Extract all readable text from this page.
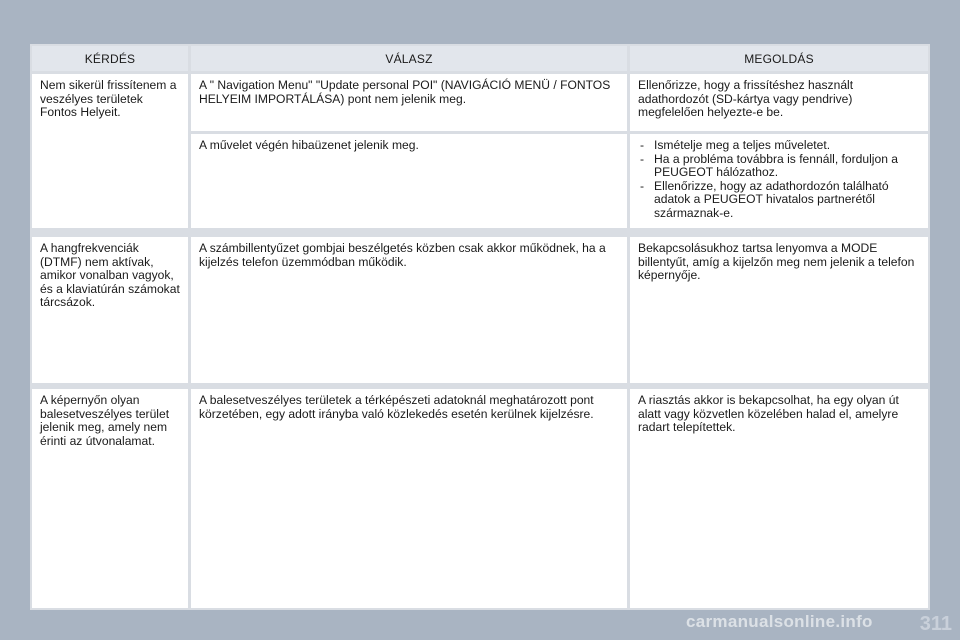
KÉRDÉS	VÁLASZ	MEGOLDÁS
Nem sikerül frissítenem a veszélyes területek Fontos Helyeit.
A " Navigation Menu" "Update personal POI" (NAVIGÁCIÓ MENÜ / FONTOS HELYEIM IMPORTÁLÁSA) pont nem jelenik meg.
Ellenőrizze, hogy a frissítéshez használt adathordozót (SD-kártya vagy pendrive) megfelelően helyezte-e be.
A művelet végén hibaüzenet jelenik meg.
-	Ismételje meg a teljes műveletet.
- Ha a probléma továbbra is fennáll, forduljon a PEUGEOT hálózathoz.
- Ellenőrizze, hogy az adathordozón található adatok a PEUGEOT hivatalos partnerétől származnak-e.
A hangfrekvenciák (DTMF) nem aktívak, amikor vonalban vagyok, és a klaviatúrán számokat tárcsázok.
A számbillentyűzet gombjai beszélgetés közben csak akkor működnek, ha a kijelzés telefon üzemmódban működik.
Bekapcsolásukhoz tartsa lenyomva a MODE billentyűt, amíg a kijelzőn meg nem jelenik a telefon képernyője.
A képernyőn olyan balesetveszélyes terület jelenik meg, amely nem érinti az útvonalamat.
A balesetveszélyes területek a térképészeti adatoknál meghatározott pont körzetében, egy adott irányba való közlekedés esetén kerülnek kijelzésre.
A riasztás akkor is bekapcsolhat, ha egy olyan út alatt vagy közvetlen közelében halad el, amelyre radart telepítettek.
311
carmanualsonline.info
